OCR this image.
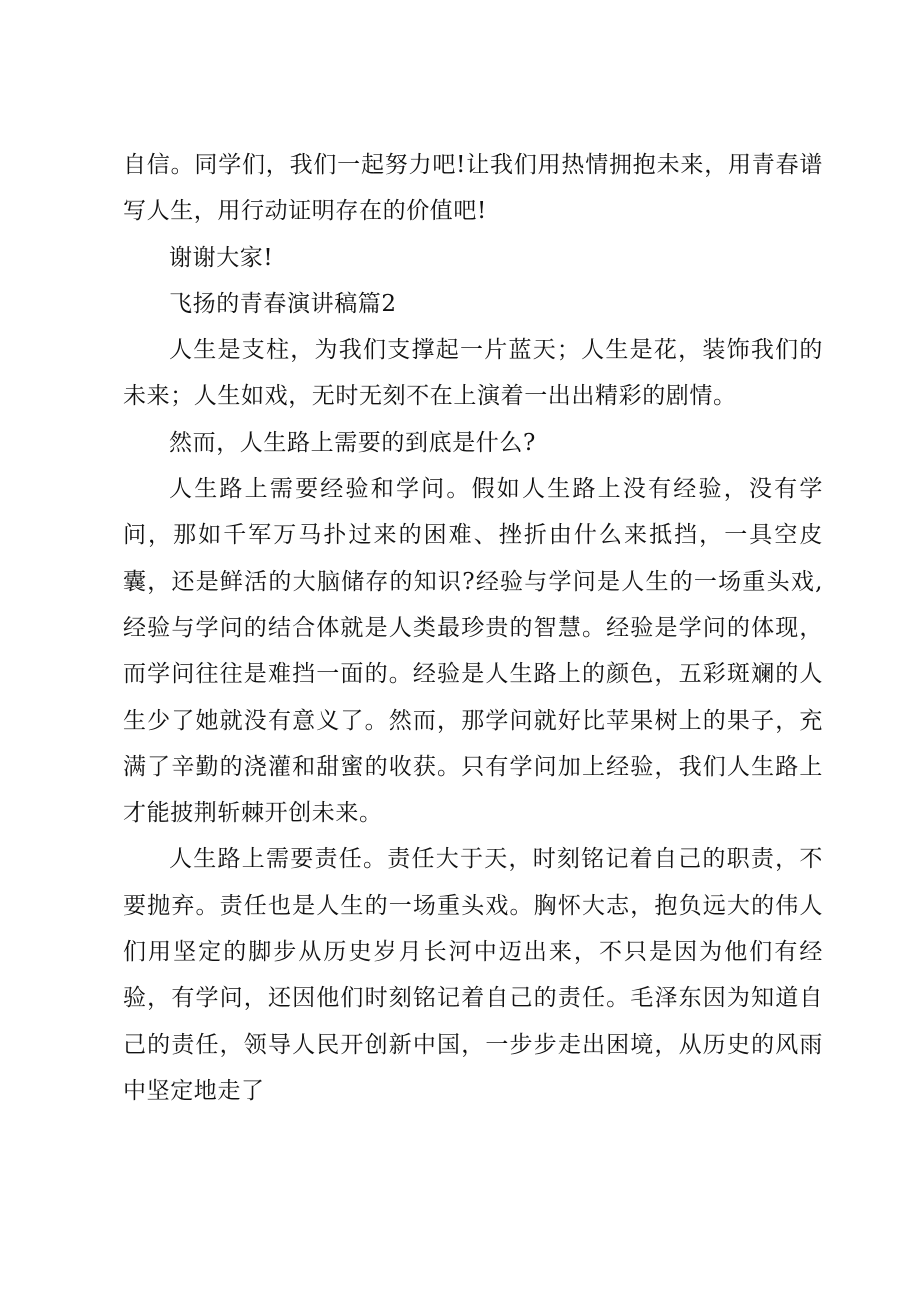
自信。同学们，我们一起努力吧!让我们用热情拥抱未来，用青春谱写人生，用行动证明存在的价值吧!

谢谢大家!

飞扬的青春演讲稿篇2

人生是支柱，为我们支撑起一片蓝天；人生是花，装饰我们的未来；人生如戏，无时无刻不在上演着一出出精彩的剧情。

然而，人生路上需要的到底是什么?

人生路上需要经验和学问。假如人生路上没有经验，没有学问，那如千军万马扑过来的困难、挫折由什么来抵挡，一具空皮囊，还是鲜活的大脑储存的知识?经验与学问是人生的一场重头戏,经验与学问的结合体就是人类最珍贵的智慧。经验是学问的体现，而学问往往是难挡一面的。经验是人生路上的颜色，五彩斑斓的人生少了她就没有意义了。然而，那学问就好比苹果树上的果子，充满了辛勤的浇灌和甜蜜的收获。只有学问加上经验，我们人生路上才能披荆斩棘开创未来。

人生路上需要责任。责任大于天，时刻铭记着自己的职责，不要抛弃。责任也是人生的一场重头戏。胸怀大志，抱负远大的伟人们用坚定的脚步从历史岁月长河中迈出来，不只是因为他们有经验，有学问，还因他们时刻铭记着自己的责任。毛泽东因为知道自己的责任，领导人民开创新中国，一步步走出困境，从历史的风雨中坚定地走了
